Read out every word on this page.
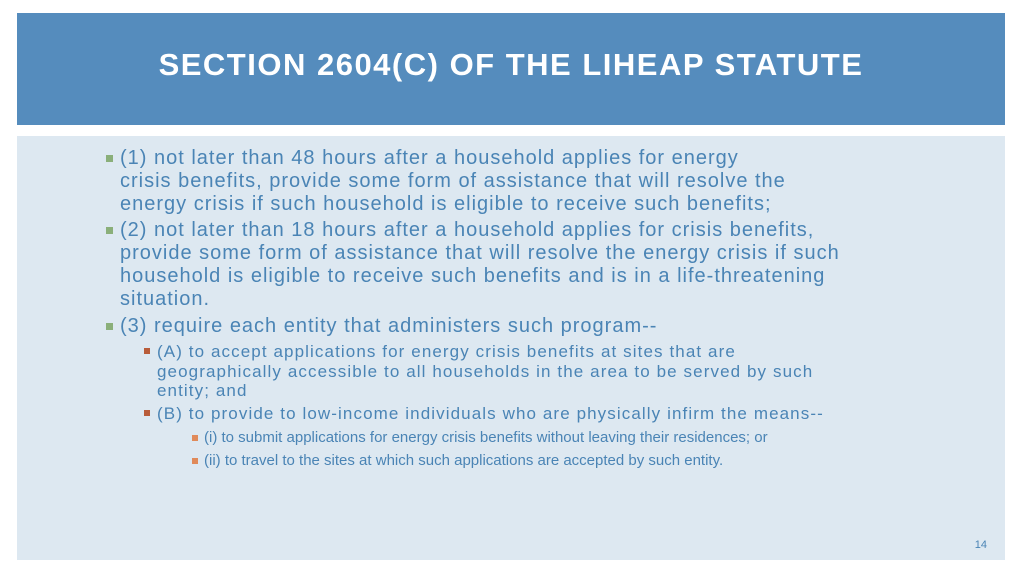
SECTION 2604(C) OF THE LIHEAP STATUTE
(1) not later than 48 hours after a household applies for energy
crisis benefits, provide some form of assistance that will resolve the
energy crisis if such household is eligible to receive such benefits;
(2) not later than 18 hours after a household applies for crisis benefits,
provide some form of assistance that will resolve the energy crisis if such
household is eligible to receive such benefits and is in a life-threatening
situation.
(3) require each entity that administers such program--
(A) to accept applications for energy crisis benefits at sites that are
geographically accessible to all households in the area to be served by such
entity; and
(B) to provide to low-income individuals who are physically infirm the means--
(i) to submit applications for energy crisis benefits without leaving their residences; or
(ii) to travel to the sites at which such applications are accepted by such entity.
14
